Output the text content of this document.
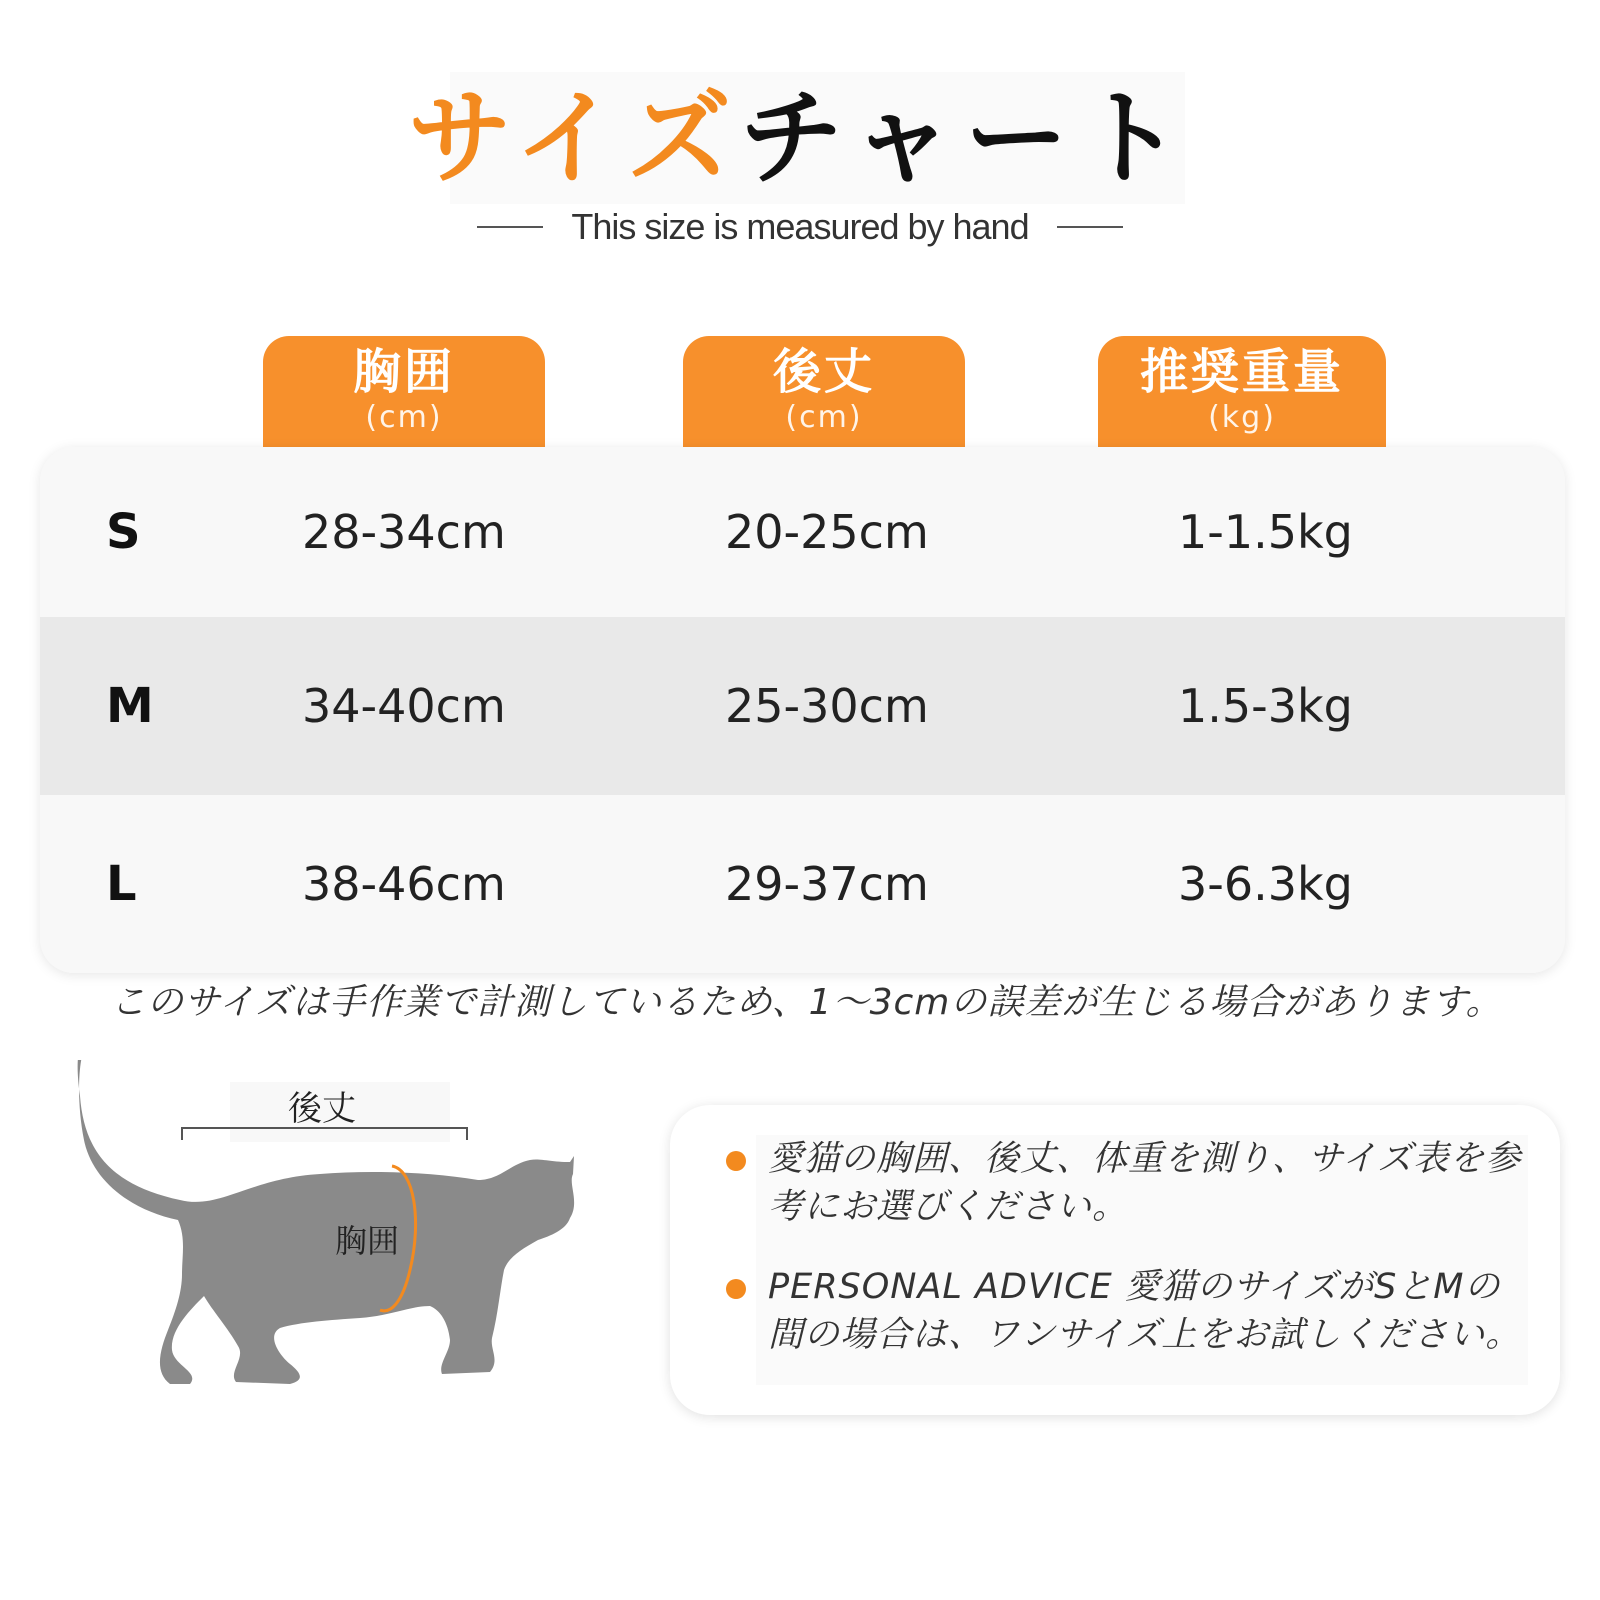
サイズチャート
This size is measured by hand
胸囲
(cm)
後丈
(cm)
推奨重量
(kg)
S	28-34cm	20-25cm	1-1.5kg
M	34-40cm	25-30cm	1.5-3kg
L	38-46cm	29-37cm	3-6.3kg
このサイズは手作業で計測しているため、1〜3cmの誤差が生じる場合があります。
後丈
胸囲
愛猫の胸囲、後丈、体重を測り、サイズ表を参考にお選びください。
PERSONAL ADVICE 愛猫のサイズがSとMの間の場合は、ワンサイズ上をお試しください。
